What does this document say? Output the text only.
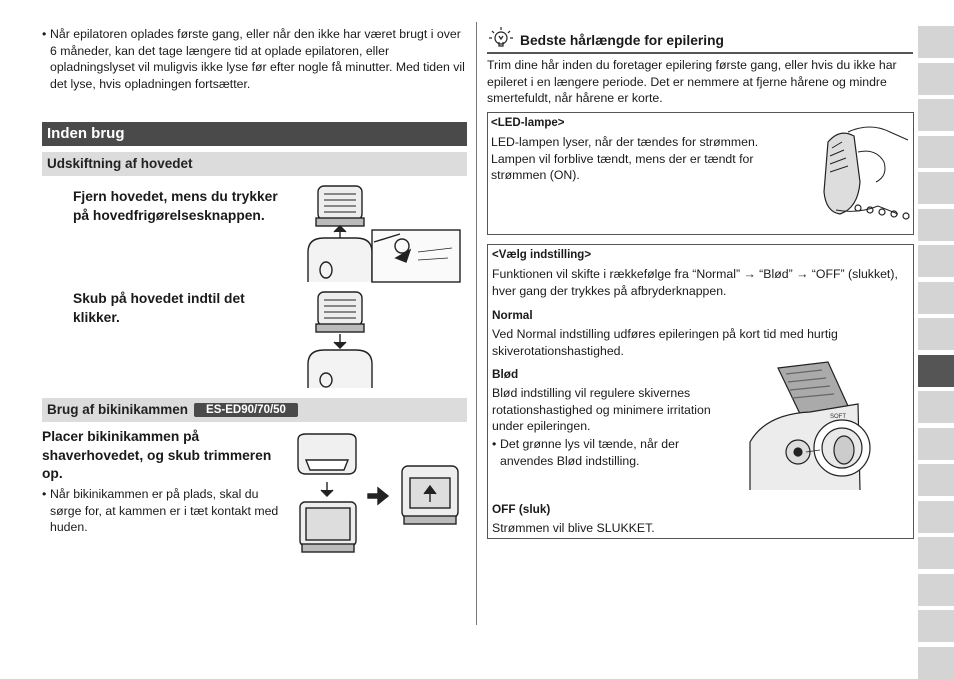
• Når epilatoren oplades første gang, eller når den ikke har været brugt i over 6 måneder, kan det tage længere tid at oplade epilatoren, eller opladningslyset vil muligvis ikke lyse før efter nogle få minutter. Med tiden vil det lyse, hvis opladningen fortsætter.
Inden brug
Udskiftning af hovedet
Fjern hovedet, mens du trykker på hovedfrigørelsesknappen.
Skub på hovedet indtil det klikker.
Brug af bikinikammen ES-ED90/70/50
Placer bikinikammen på shaverhovedet, og skub trimmeren op.
• Når bikinikammen er på plads, skal du sørge for, at kammen er i tæt kontakt med huden.
Bedste hårlængde for epilering
Trim dine hår inden du foretager epilering første gang, eller hvis du ikke har epileret i en længere periode. Det er nemmere at fjerne hårene og mindre smertefuldt, når hårene er korte.
<LED-lampe>
LED-lampen lyser, når der tændes for strømmen. Lampen vil forblive tændt, mens der er tændt for strømmen (ON).
<Vælg indstilling>
Funktionen vil skifte i rækkefølge fra “Normal” → “Blød” → “OFF” (slukket), hver gang der trykkes på afbryderknappen.
Normal
Ved Normal indstilling udføres epileringen på kort tid med hurtig skiverotationshastighed.
Blød
Blød indstilling vil regulere skivernes rotationshastighed og minimere irritation under epileringen.
• Det grønne lys vil tænde, når der anvendes Blød indstilling.
SOFT
OFF (sluk)
Strømmen vil blive SLUKKET.
